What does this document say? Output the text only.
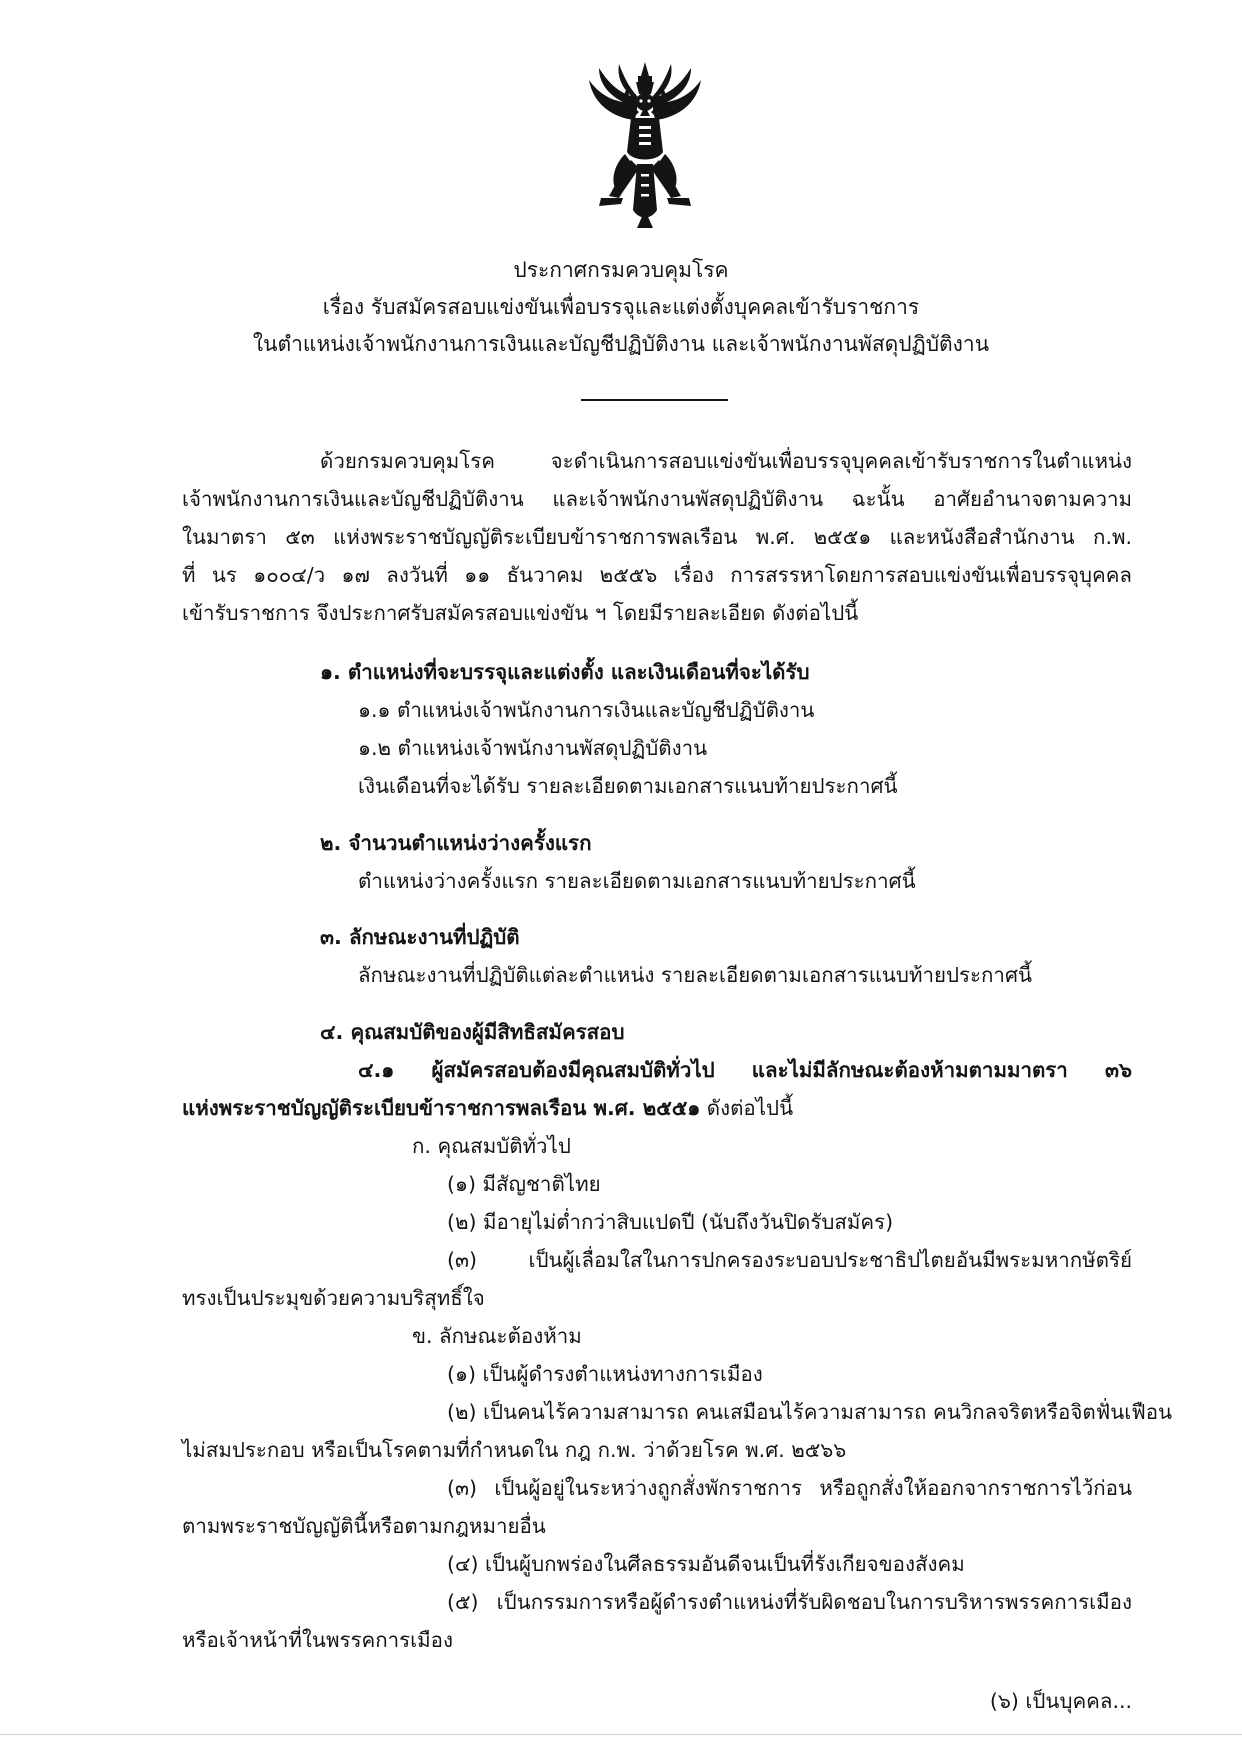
ประกาศกรมควบคุมโรค
เรื่อง รับสมัครสอบแข่งขันเพื่อบรรจุและแต่งตั้งบุคคลเข้ารับราชการ
ในตำแหน่งเจ้าพนักงานการเงินและบัญชีปฏิบัติงาน และเจ้าพนักงานพัสดุปฏิบัติงาน
ด้วยกรมควบคุมโรค จะดำเนินการสอบแข่งขันเพื่อบรรจุบุคคลเข้ารับราชการในตำแหน่ง
เจ้าพนักงานการเงินและบัญชีปฏิบัติงาน และเจ้าพนักงานพัสดุปฏิบัติงาน ฉะนั้น อาศัยอำนาจตามความ
ในมาตรา ๕๓ แห่งพระราชบัญญัติระเบียบข้าราชการพลเรือน พ.ศ. ๒๕๕๑ และหนังสือสำนักงาน ก.พ.
ที่ นร ๑๐๐๔/ว ๑๗ ลงวันที่ ๑๑ ธันวาคม ๒๕๕๖ เรื่อง การสรรหาโดยการสอบแข่งขันเพื่อบรรจุบุคคล
เข้ารับราชการ จึงประกาศรับสมัครสอบแข่งขัน ฯ โดยมีรายละเอียด ดังต่อไปนี้
๑. ตำแหน่งที่จะบรรจุและแต่งตั้ง และเงินเดือนที่จะได้รับ
๑.๑ ตำแหน่งเจ้าพนักงานการเงินและบัญชีปฏิบัติงาน
๑.๒ ตำแหน่งเจ้าพนักงานพัสดุปฏิบัติงาน
เงินเดือนที่จะได้รับ รายละเอียดตามเอกสารแนบท้ายประกาศนี้
๒. จำนวนตำแหน่งว่างครั้งแรก
ตำแหน่งว่างครั้งแรก รายละเอียดตามเอกสารแนบท้ายประกาศนี้
๓. ลักษณะงานที่ปฏิบัติ
ลักษณะงานที่ปฏิบัติแต่ละตำแหน่ง รายละเอียดตามเอกสารแนบท้ายประกาศนี้
๔. คุณสมบัติของผู้มีสิทธิสมัครสอบ
๔.๑ ผู้สมัครสอบต้องมีคุณสมบัติทั่วไป และไม่มีลักษณะต้องห้ามตามมาตรา ๓๖
แห่งพระราชบัญญัติระเบียบข้าราชการพลเรือน พ.ศ. ๒๕๕๑ ดังต่อไปนี้
ก. คุณสมบัติทั่วไป
(๑) มีสัญชาติไทย
(๒) มีอายุไม่ต่ำกว่าสิบแปดปี (นับถึงวันปิดรับสมัคร)
(๓) เป็นผู้เลื่อมใสในการปกครองระบอบประชาธิปไตยอันมีพระมหากษัตริย์
ทรงเป็นประมุขด้วยความบริสุทธิ์ใจ
ข. ลักษณะต้องห้าม
(๑) เป็นผู้ดำรงตำแหน่งทางการเมือง
(๒) เป็นคนไร้ความสามารถ คนเสมือนไร้ความสามารถ คนวิกลจริตหรือจิตฟั่นเฟือน
ไม่สมประกอบ หรือเป็นโรคตามที่กำหนดใน กฎ ก.พ. ว่าด้วยโรค พ.ศ. ๒๕๖๖
(๓) เป็นผู้อยู่ในระหว่างถูกสั่งพักราชการ หรือถูกสั่งให้ออกจากราชการไว้ก่อน
ตามพระราชบัญญัตินี้หรือตามกฎหมายอื่น
(๔) เป็นผู้บกพร่องในศีลธรรมอันดีจนเป็นที่รังเกียจของสังคม
(๕) เป็นกรรมการหรือผู้ดำรงตำแหน่งที่รับผิดชอบในการบริหารพรรคการเมือง
หรือเจ้าหน้าที่ในพรรคการเมือง
(๖) เป็นบุคคล...
